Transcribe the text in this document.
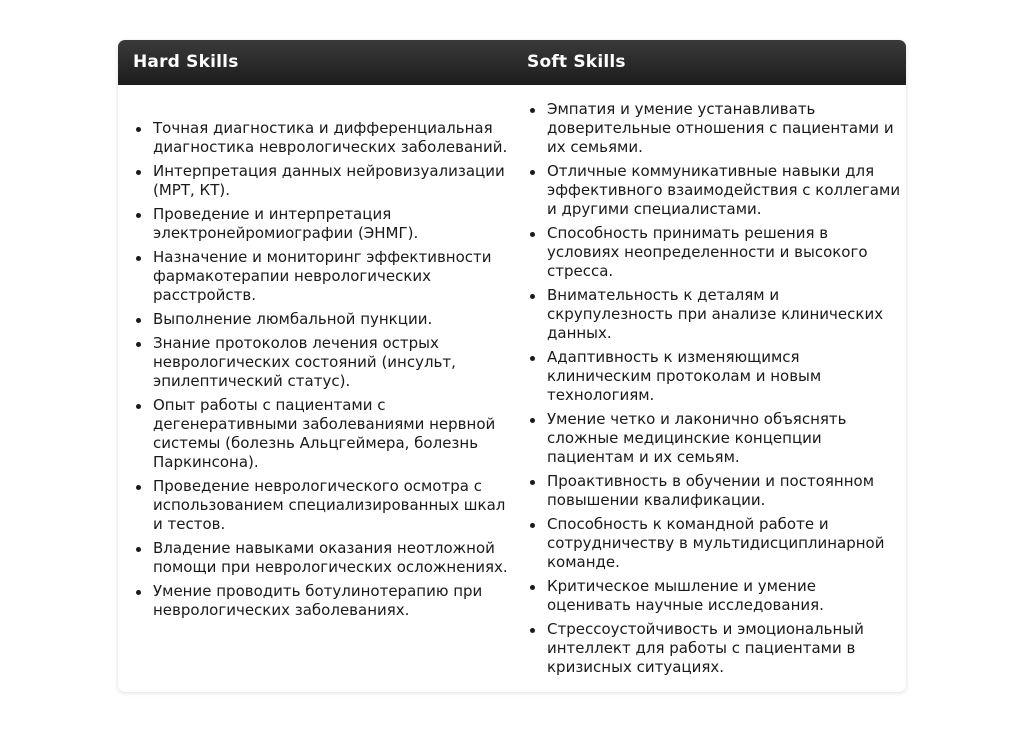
Hard Skills	Soft Skills
Точная диагностика и дифференциальная диагностика неврологических заболеваний.
Интерпретация данных нейровизуализации (МРТ, КТ).
Проведение и интерпретация электронейромиографии (ЭНМГ).
Назначение и мониторинг эффективности фармакотерапии неврологических расстройств.
Выполнение люмбальной пункции.
Знание протоколов лечения острых неврологических состояний (инсульт, эпилептический статус).
Опыт работы с пациентами с дегенеративными заболеваниями нервной системы (болезнь Альцгеймера, болезнь Паркинсона).
Проведение неврологического осмотра с использованием специализированных шкал и тестов.
Владение навыками оказания неотложной помощи при неврологических осложнениях.
Умение проводить ботулинотерапию при неврологических заболеваниях.
Эмпатия и умение устанавливать доверительные отношения с пациентами и их семьями.
Отличные коммуникативные навыки для эффективного взаимодействия с коллегами и другими специалистами.
Способность принимать решения в условиях неопределенности и высокого стресса.
Внимательность к деталям и скрупулезность при анализе клинических данных.
Адаптивность к изменяющимся клиническим протоколам и новым технологиям.
Умение четко и лаконично объяснять сложные медицинские концепции пациентам и их семьям.
Проактивность в обучении и постоянном повышении квалификации.
Способность к командной работе и сотрудничеству в мультидисциплинарной команде.
Критическое мышление и умение оценивать научные исследования.
Стрессоустойчивость и эмоциональный интеллект для работы с пациентами в кризисных ситуациях.
